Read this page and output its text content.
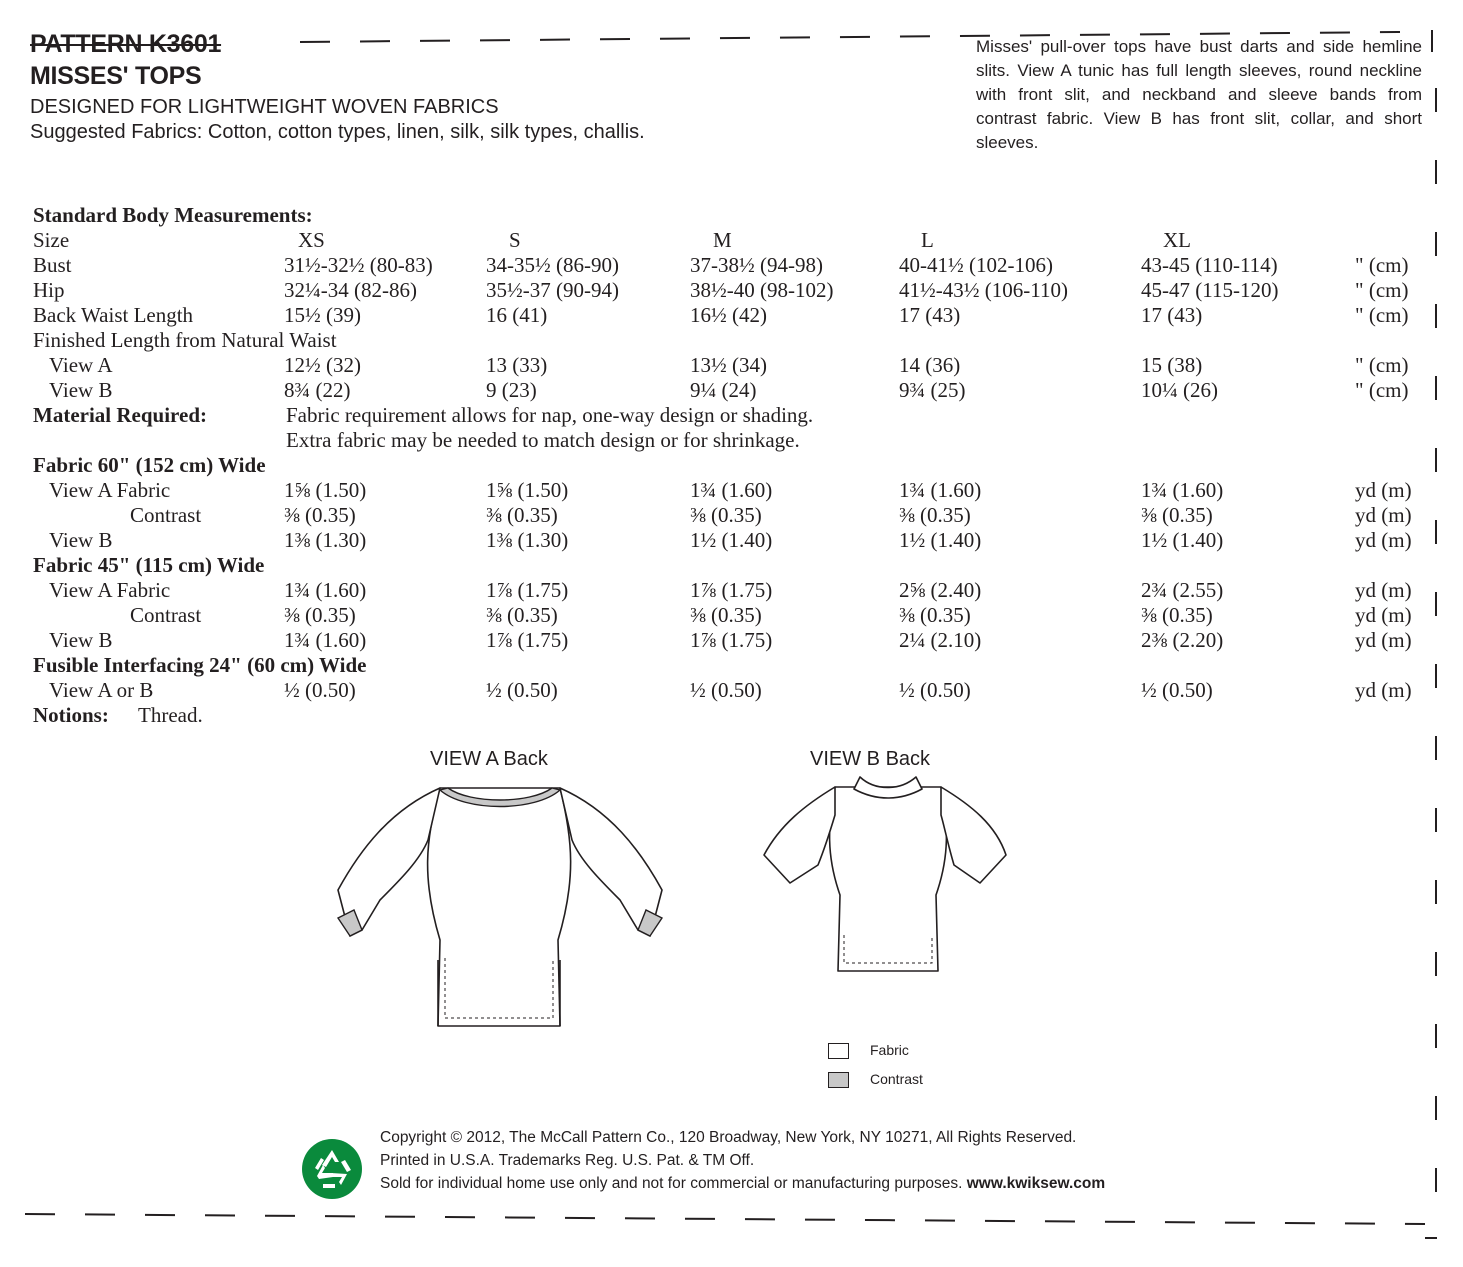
PATTERN K3601
MISSES' TOPS
DESIGNED FOR LIGHTWEIGHT WOVEN FABRICS
Suggested Fabrics: Cotton, cotton types, linen, silk, silk types, challis.
Misses' pull-over tops have bust darts and side hemline slits. View A tunic has full length sleeves, round neckline with front slit, and neckband and sleeve bands from contrast fabric. View B has front slit, collar, and short sleeves.
Standard Body Measurements:
Size	XS	S	M	L	XL
Bust	31½-32½ (80-83)	34-35½ (86-90)	37-38½ (94-98)	40-41½ (102-106)	43-45 (110-114)	" (cm)
Hip	32¼-34 (82-86)	35½-37 (90-94)	38½-40 (98-102)	41½-43½ (106-110)	45-47 (115-120)	" (cm)
Back Waist Length	15½ (39)	16 (41)	16½ (42)	17 (43)	17 (43)	" (cm)
Finished Length from Natural Waist
View A	12½ (32)	13 (33)	13½ (34)	14 (36)	15 (38)	" (cm)
View B	8¾ (22)	9 (23)	9¼ (24)	9¾ (25)	10¼ (26)	" (cm)
Material Required:	Fabric requirement allows for nap, one-way design or shading.
Extra fabric may be needed to match design or for shrinkage.
Fabric 60" (152 cm) Wide
View A Fabric	1⅝ (1.50)	1⅝ (1.50)	1¾ (1.60)	1¾ (1.60)	1¾ (1.60)	yd (m)
Contrast	⅜ (0.35)	⅜ (0.35)	⅜ (0.35)	⅜ (0.35)	⅜ (0.35)	yd (m)
View B	1⅜ (1.30)	1⅜ (1.30)	1½ (1.40)	1½ (1.40)	1½ (1.40)	yd (m)
Fabric 45" (115 cm) Wide
View A Fabric	1¾ (1.60)	1⅞ (1.75)	1⅞ (1.75)	2⅝ (2.40)	2¾ (2.55)	yd (m)
Contrast	⅜ (0.35)	⅜ (0.35)	⅜ (0.35)	⅜ (0.35)	⅜ (0.35)	yd (m)
View B	1¾ (1.60)	1⅞ (1.75)	1⅞ (1.75)	2¼ (2.10)	2⅜ (2.20)	yd (m)
Fusible Interfacing 24" (60 cm) Wide
View A or B	½ (0.50)	½ (0.50)	½ (0.50)	½ (0.50)	½ (0.50)	yd (m)
Notions: Thread.
VIEW A Back	VIEW B Back
Fabric
Contrast
Copyright © 2012, The McCall Pattern Co., 120 Broadway, New York, NY 10271, All Rights Reserved.
Printed in U.S.A. Trademarks Reg. U.S. Pat. & TM Off.
Sold for individual home use only and not for commercial or manufacturing purposes. www.kwiksew.com
